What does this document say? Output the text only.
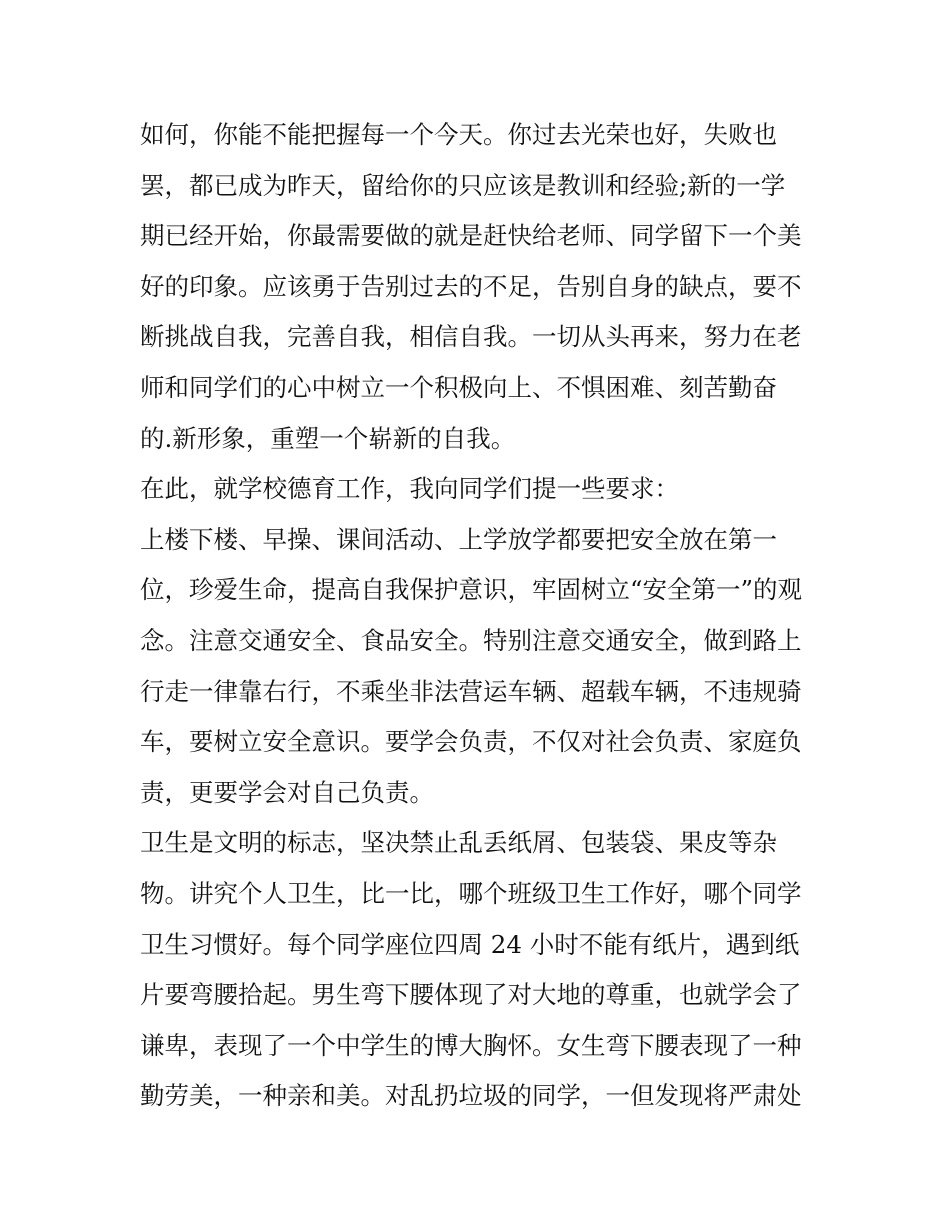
如何，你能不能把握每一个今天。你过去光荣也好，失败也
罢，都已成为昨天，留给你的只应该是教训和经验;新的一学
期已经开始，你最需要做的就是赶快给老师、同学留下一个美
好的印象。应该勇于告别过去的不足，告别自身的缺点，要不
断挑战自我，完善自我，相信自我。一切从头再来，努力在老
师和同学们的心中树立一个积极向上、不惧困难、刻苦勤奋
的.新形象，重塑一个崭新的自我。
在此，就学校德育工作，我向同学们提一些要求：
上楼下楼、早操、课间活动、上学放学都要把安全放在第一
位，珍爱生命，提高自我保护意识，牢固树立“安全第一”的观
念。注意交通安全、食品安全。特别注意交通安全，做到路上
行走一律靠右行，不乘坐非法营运车辆、超载车辆，不违规骑
车，要树立安全意识。要学会负责，不仅对社会负责、家庭负
责，更要学会对自己负责。
卫生是文明的标志，坚决禁止乱丢纸屑、包装袋、果皮等杂
物。讲究个人卫生，比一比，哪个班级卫生工作好，哪个同学
卫生习惯好。每个同学座位四周 24 小时不能有纸片，遇到纸
片要弯腰拾起。男生弯下腰体现了对大地的尊重，也就学会了
谦卑，表现了一个中学生的博大胸怀。女生弯下腰表现了一种
勤劳美，一种亲和美。对乱扔垃圾的同学，一但发现将严肃处
